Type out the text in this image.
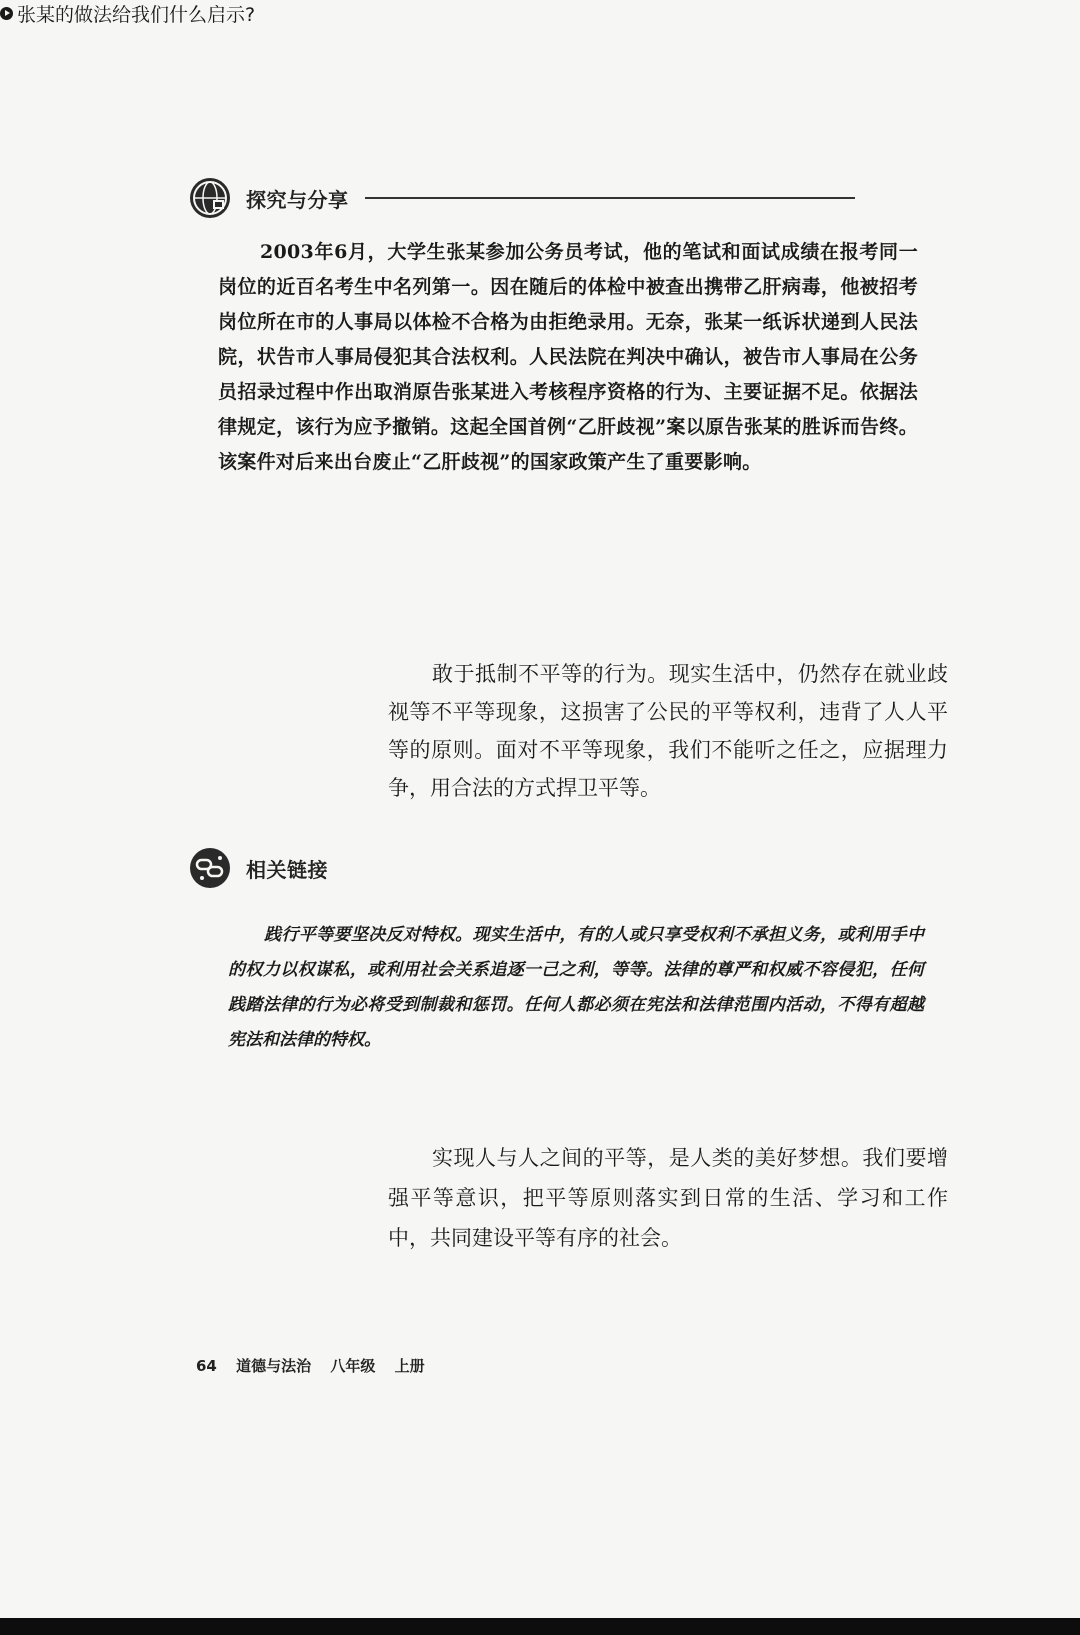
探究与分享

2003年6月，大学生张某参加公务员考试，他的笔试和面试成绩在报考同一岗位的近百名考生中名列第一。因在随后的体检中被查出携带乙肝病毒，他被招考岗位所在市的人事局以体检不合格为由拒绝录用。无奈，张某一纸诉状递到人民法院，状告市人事局侵犯其合法权利。人民法院在判决中确认，被告市人事局在公务员招录过程中作出取消原告张某进入考核程序资格的行为、主要证据不足。依据法律规定，该行为应予撤销。这起全国首例“乙肝歧视”案以原告张某的胜诉而告终。该案件对后来出台废止“乙肝歧视”的国家政策产生了重要影响。

张某的做法给我们什么启示?

敢于抵制不平等的行为。现实生活中，仍然存在就业歧视等不平等现象，这损害了公民的平等权利，违背了人人平等的原则。面对不平等现象，我们不能听之任之，应据理力争，用合法的方式捍卫平等。

相关链接

践行平等要坚决反对特权。现实生活中，有的人或只享受权利不承担义务，或利用手中的权力以权谋私，或利用社会关系追逐一己之利，等等。法律的尊严和权威不容侵犯，任何践踏法律的行为必将受到制裁和惩罚。任何人都必须在宪法和法律范围内活动，不得有超越宪法和法律的特权。

实现人与人之间的平等，是人类的美好梦想。我们要增强平等意识，把平等原则落实到日常的生活、学习和工作中，共同建设平等有序的社会。

64 道德与法治 八年级 上册
